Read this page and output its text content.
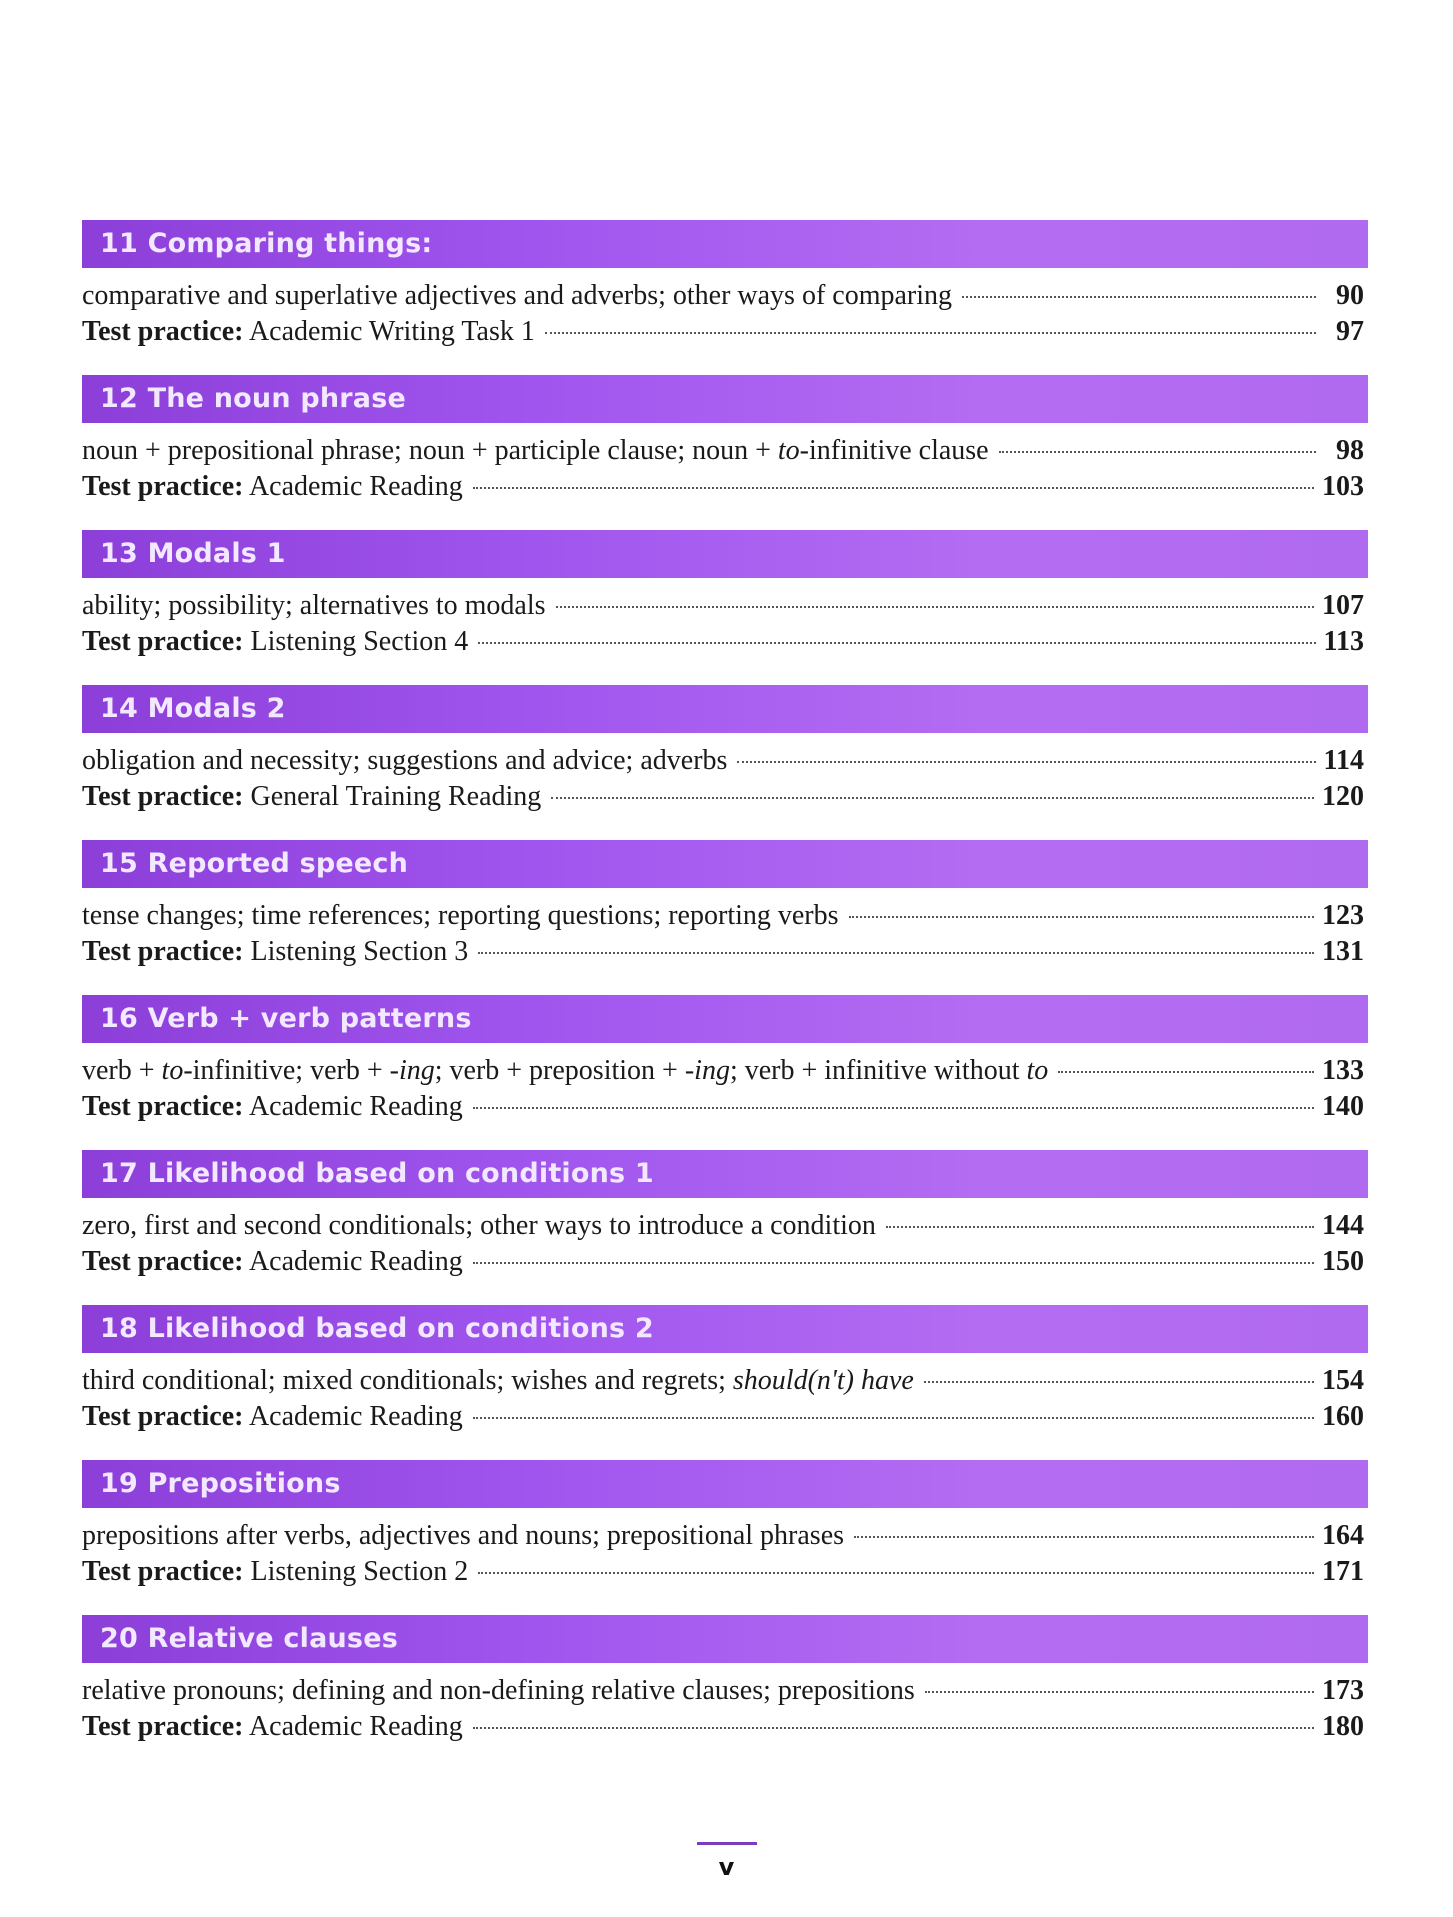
11 Comparing things:
comparative and superlative adjectives and adverbs; other ways of comparing	90
Test practice: Academic Writing Task 1	97
12 The noun phrase
noun + prepositional phrase; noun + participle clause; noun + to-infinitive clause	98
Test practice: Academic Reading	103
13 Modals 1
ability; possibility; alternatives to modals	107
Test practice: Listening Section 4	113
14 Modals 2
obligation and necessity; suggestions and advice; adverbs	114
Test practice: General Training Reading	120
15 Reported speech
tense changes; time references; reporting questions; reporting verbs	123
Test practice: Listening Section 3	131
16 Verb + verb patterns
verb + to-infinitive; verb + -ing; verb + preposition + -ing; verb + infinitive without to	133
Test practice: Academic Reading	140
17 Likelihood based on conditions 1
zero, first and second conditionals; other ways to introduce a condition	144
Test practice: Academic Reading	150
18 Likelihood based on conditions 2
third conditional; mixed conditionals; wishes and regrets; should(n't) have	154
Test practice: Academic Reading	160
19 Prepositions
prepositions after verbs, adjectives and nouns; prepositional phrases	164
Test practice: Listening Section 2	171
20 Relative clauses
relative pronouns; defining and non-defining relative clauses; prepositions	173
Test practice: Academic Reading	180
v
